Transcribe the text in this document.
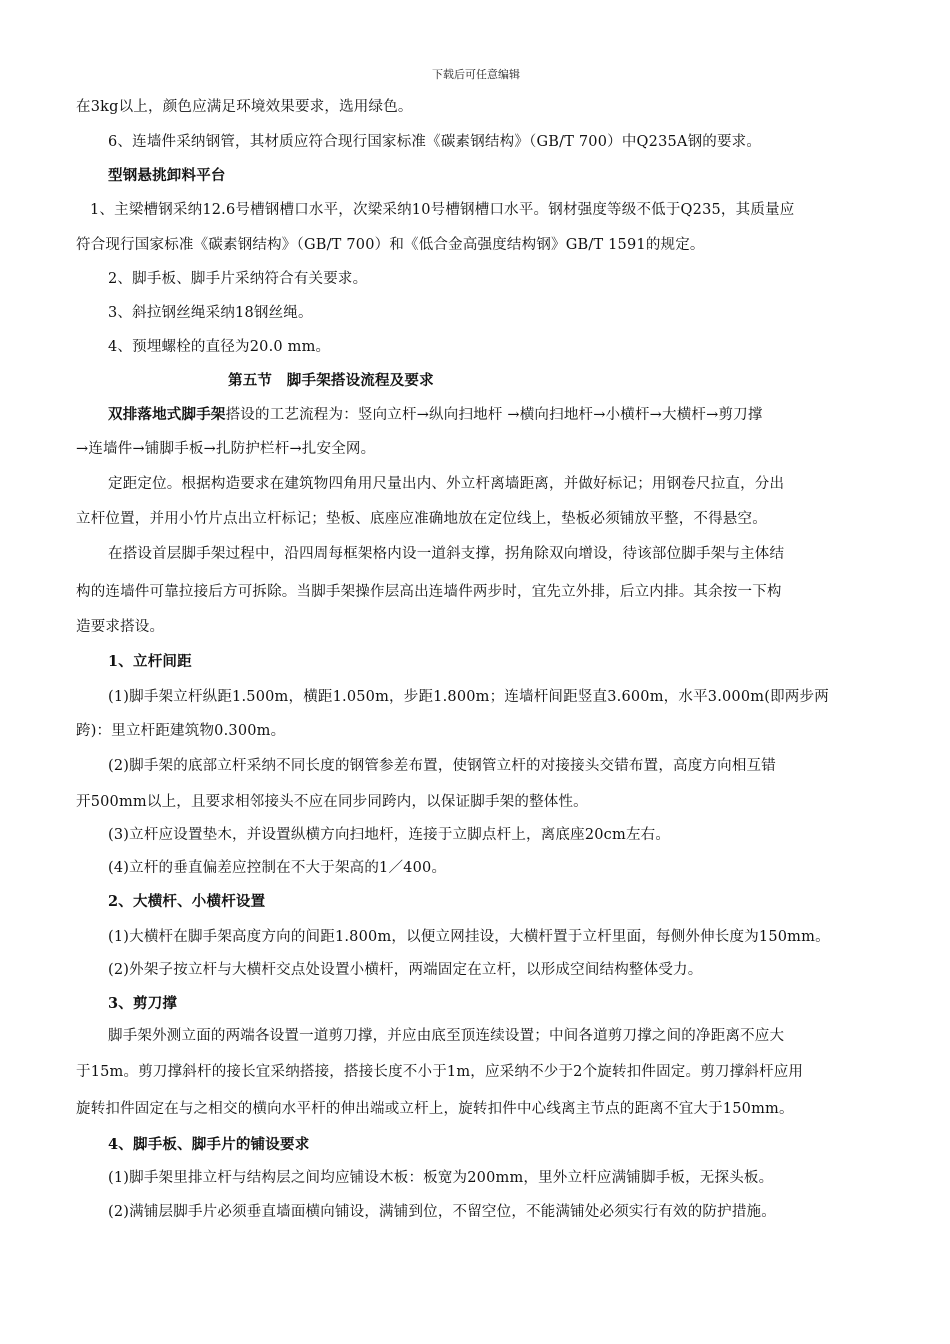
下载后可任意编辑
在3kg以上，颜色应满足环境效果要求，选用绿色。
6、连墙件采纳钢管，其材质应符合现行国家标准《碳素钢结构》（GB/T 700）中Q235A钢的要求。
型钢悬挑卸料平台
1、主梁槽钢采纳12.6号槽钢槽口水平，次梁采纳10号槽钢槽口水平。钢材强度等级不低于Q235，其质量应
符合现行国家标准《碳素钢结构》（GB/T 700）和《低合金高强度结构钢》GB/T 1591的规定。
2、脚手板、脚手片采纳符合有关要求。
3、斜拉钢丝绳采纳18钢丝绳。
4、预埋螺栓的直径为20.0 mm。
第五节　脚手架搭设流程及要求
双排落地式脚手架搭设的工艺流程为：竖向立杆→纵向扫地杆 →横向扫地杆→小横杆→大横杆→剪刀撑
→连墙件→铺脚手板→扎防护栏杆→扎安全网。
定距定位。根据构造要求在建筑物四角用尺量出内、外立杆离墙距离，并做好标记；用钢卷尺拉直，分出
立杆位置，并用小竹片点出立杆标记；垫板、底座应准确地放在定位线上，垫板必须铺放平整，不得悬空。
在搭设首层脚手架过程中，沿四周每框架格内设一道斜支撑，拐角除双向增设，待该部位脚手架与主体结
构的连墙件可靠拉接后方可拆除。当脚手架操作层高出连墙件两步时，宜先立外排，后立内排。其余按一下构
造要求搭设。
1、立杆间距
(1)脚手架立杆纵距1.500m，横距1.050m，步距1.800m；连墙杆间距竖直3.600m，水平3.000m(即两步两
跨)：里立杆距建筑物0.300m。
(2)脚手架的底部立杆采纳不同长度的钢管参差布置，使钢管立杆的对接接头交错布置，高度方向相互错
开500mm以上，且要求相邻接头不应在同步同跨内，以保证脚手架的整体性。
(3)立杆应设置垫木，并设置纵横方向扫地杆，连接于立脚点杆上，离底座20cm左右。
(4)立杆的垂直偏差应控制在不大于架高的1／400。
2、大横杆、小横杆设置
(1)大横杆在脚手架高度方向的间距1.800m，以便立网挂设，大横杆置于立杆里面，每侧外伸长度为150mm。
(2)外架子按立杆与大横杆交点处设置小横杆，两端固定在立杆，以形成空间结构整体受力。
3、剪刀撑
脚手架外测立面的两端各设置一道剪刀撑，并应由底至顶连续设置；中间各道剪刀撑之间的净距离不应大
于15m。剪刀撑斜杆的接长宜采纳搭接，搭接长度不小于1m，应采纳不少于2个旋转扣件固定。剪刀撑斜杆应用
旋转扣件固定在与之相交的横向水平杆的伸出端或立杆上，旋转扣件中心线离主节点的距离不宜大于150mm。
4、脚手板、脚手片的铺设要求
(1)脚手架里排立杆与结构层之间均应铺设木板：板宽为200mm，里外立杆应满铺脚手板，无探头板。
(2)满铺层脚手片必须垂直墙面横向铺设，满铺到位，不留空位，不能满铺处必须实行有效的防护措施。
